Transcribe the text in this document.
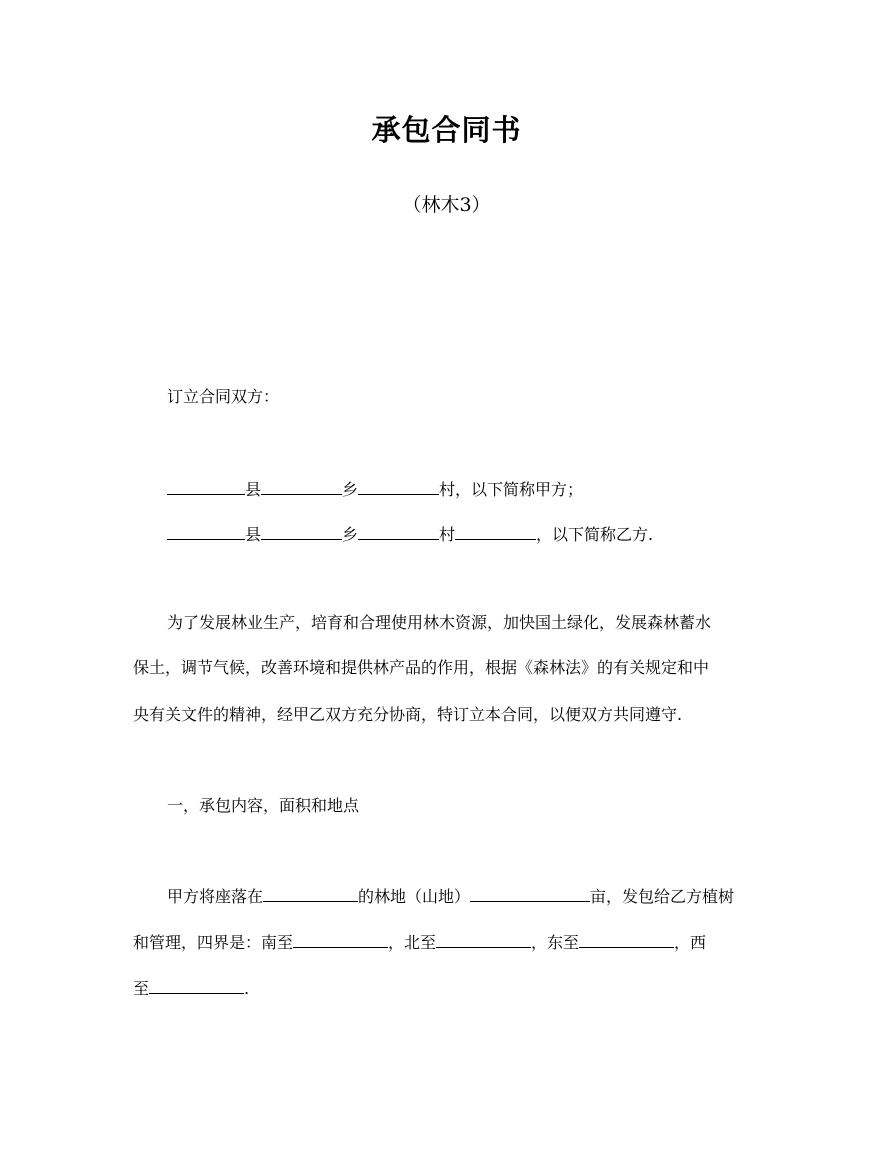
承包合同书
（林木3）
订立合同双方：
县	乡	村，以下简称甲方；
县	乡	村	，以下简称乙方.
为了发展林业生产，培育和合理使用林木资源，加快国土绿化，发展森林蓄水
保土，调节气候，改善环境和提供林产品的作用，根据《森林法》的有关规定和中
央有关文件的精神，经甲乙双方充分协商，特订立本合同，以便双方共同遵守.
一，承包内容，面积和地点
甲方将座落在	的林地（山地）	亩，发包给乙方植树
和管理，四界是：南至	，北至	，东至	，西
至	.
